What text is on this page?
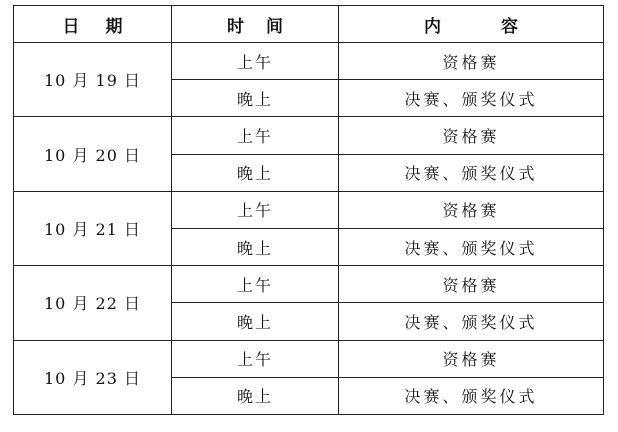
日期	时间	内容
10 月 19 日	上午	资格赛
	晚上	决赛、颁奖仪式
10 月 20 日	上午	资格赛
	晚上	决赛、颁奖仪式
10 月 21 日	上午	资格赛
	晚上	决赛、颁奖仪式
10 月 22 日	上午	资格赛
	晚上	决赛、颁奖仪式
10 月 23 日	上午	资格赛
	晚上	决赛、颁奖仪式
